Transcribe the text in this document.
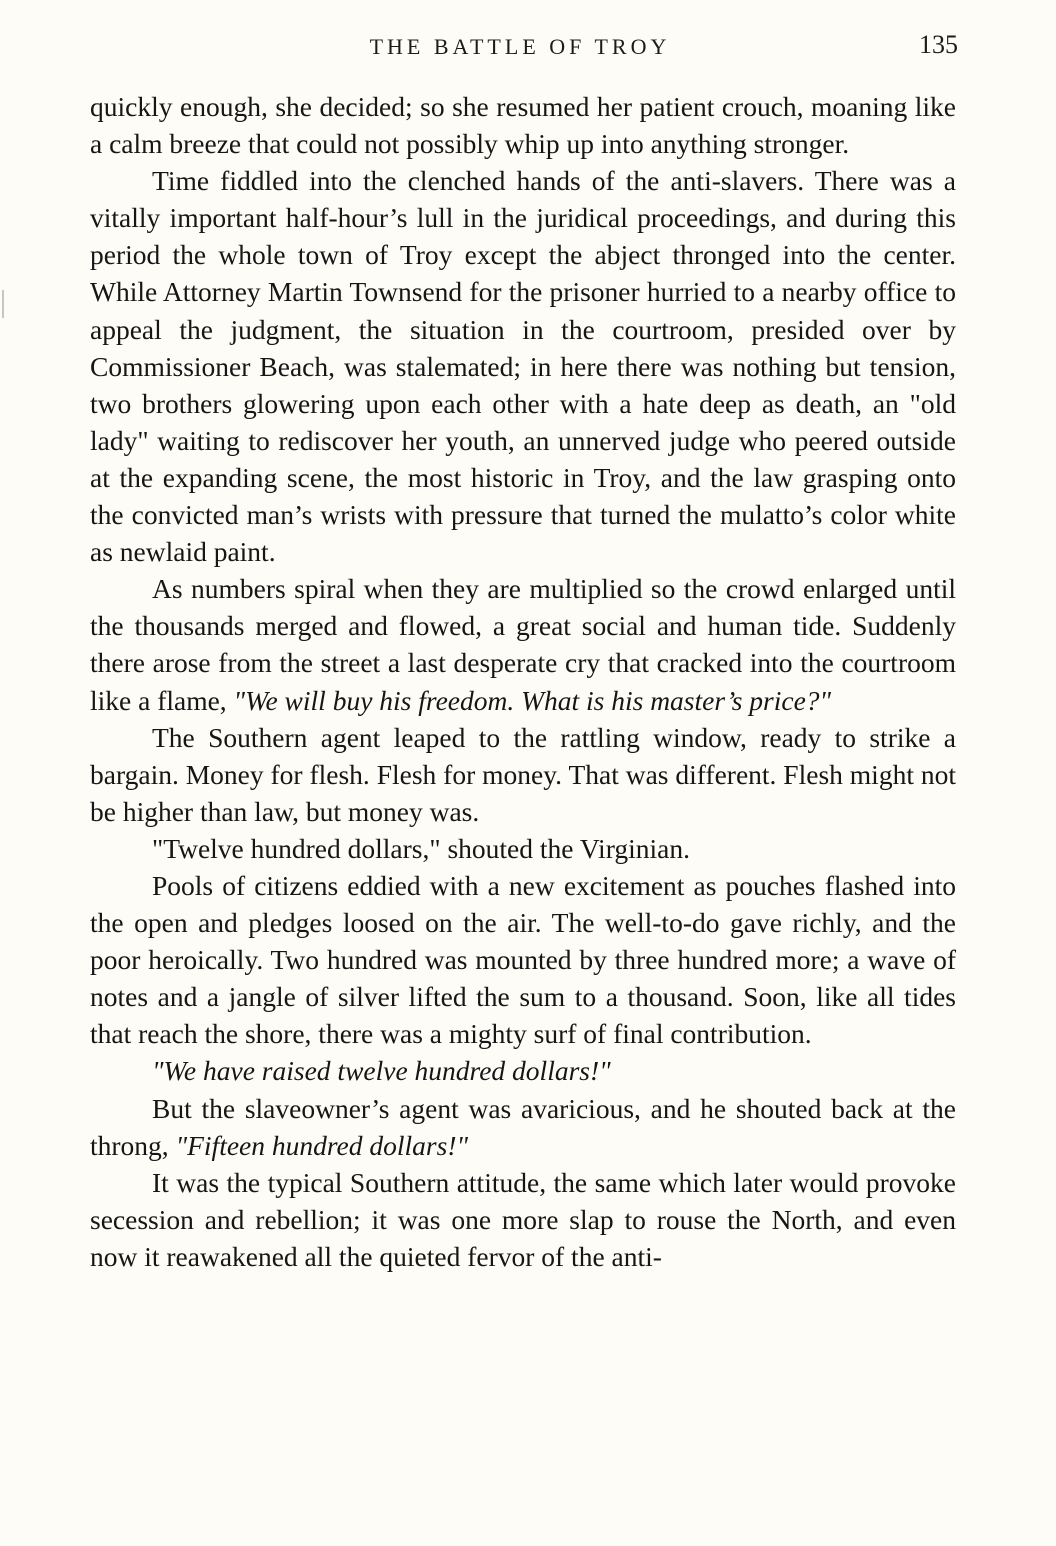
THE BATTLE OF TROY	135

quickly enough, she decided; so she resumed her patient crouch, moaning like a calm breeze that could not possibly whip up into anything stronger.

Time fiddled into the clenched hands of the anti-slavers. There was a vitally important half-hour’s lull in the juridical proceedings, and during this period the whole town of Troy except the abject thronged into the center. While Attorney Martin Townsend for the prisoner hurried to a nearby office to appeal the judgment, the situation in the courtroom, presided over by Commissioner Beach, was stalemated; in here there was nothing but tension, two brothers glowering upon each other with a hate deep as death, an "old lady" waiting to rediscover her youth, an unnerved judge who peered outside at the expanding scene, the most historic in Troy, and the law grasping onto the convicted man’s wrists with pressure that turned the mulatto’s color white as newlaid paint.

As numbers spiral when they are multiplied so the crowd enlarged until the thousands merged and flowed, a great social and human tide. Suddenly there arose from the street a last desperate cry that cracked into the courtroom like a flame, "We will buy his freedom. What is his master’s price?"

The Southern agent leaped to the rattling window, ready to strike a bargain. Money for flesh. Flesh for money. That was different. Flesh might not be higher than law, but money was.

"Twelve hundred dollars," shouted the Virginian.

Pools of citizens eddied with a new excitement as pouches flashed into the open and pledges loosed on the air. The well-to-do gave richly, and the poor heroically. Two hundred was mounted by three hundred more; a wave of notes and a jangle of silver lifted the sum to a thousand. Soon, like all tides that reach the shore, there was a mighty surf of final contribution.

"We have raised twelve hundred dollars!"

But the slaveowner’s agent was avaricious, and he shouted back at the throng, "Fifteen hundred dollars!"

It was the typical Southern attitude, the same which later would provoke secession and rebellion; it was one more slap to rouse the North, and even now it reawakened all the quieted fervor of the anti-
